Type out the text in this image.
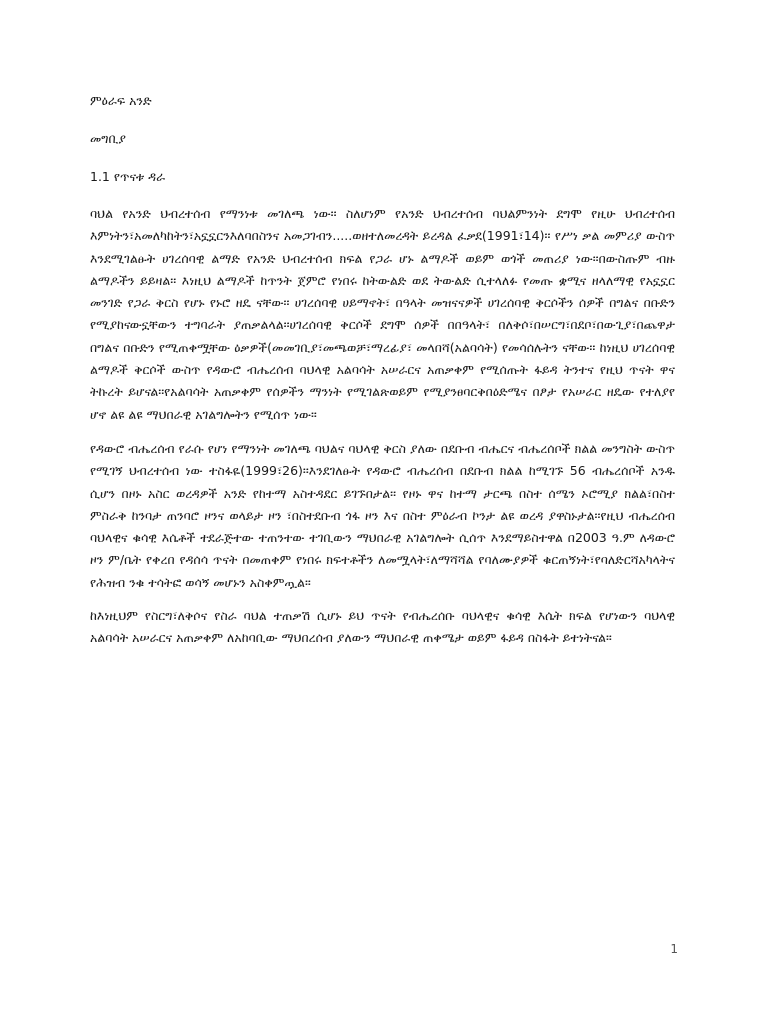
ምዕራፍ አንድ

መግቢያ

1.1 የጥናቱ ዳራ

ባህል የአንድ ህብረተሰብ የማንነቱ መገለጫ ነው፡፡ ስለሆነም የአንድ ህብረተሰብ ባህልምንነት ደግሞ የዚሁ ህብረተሰብ እምነትን፣አመለካከትን፣አኗኗርንእለባበስንና አመጋገብን.....ወዘተለመረዳት ይረዳል ፈቃደ(1991፣14)፡፡ የሥነ ቃል መምሪያ ውስጥ እንደሚገልፁት ሀገረሰባዊ ልማድ የአንድ ህብረተሰብ ክፍል የጋራ ሆኑ ልማዶች ወይም ወጎች መጠሪያ ነው፡፡በውስጡም ብዙ ልማዶችን ይይዛል፡፡ እነዚህ ልማዶች ከጥንት ጀምሮ የነበሩ ከትውልድ ወደ ትውልድ ሲተላለፉ የመጡ ቋሚና ዘላለማዊ የአኗኗር መንገድ የጋራ ቅርስ የሆኑ የኑሮ ዘዴ ናቸው፡፡ ሀገረሰባዊ ሀይማኖት፣ በዓላት መዝናናዎች ሀገረሰባዊ ቅርሶችን ሰዎች በግልና በቡድን የሚያከናውኗቸውን ተግባራት ያጠቃልላል፡፡ሀገረሰባዊ ቅርሶች ደግሞ ሰዎች በበዓላት፣ በለቅሶ፣በሠርግ፣በደቦ፣በውጊያ፣በጨዋታ በግልና በቡድን የሚጠቀሟቸው ዕቃዎች(መመገቢያ፣መጫወቻ፣ማረፊያ፣ መላበሻ(አልባሳት) የመሳሰሉትን ናቸው፡፡ ከነዚህ ሀገረሰባዊ ልማዶች ቅርሶች ውስጥ የዳውሮ ብሔረሰብ ባህላዊ አልባሳት አሠራርና አጠቃቀም የሚሰጡት ፋይዳ ትንተና የዚህ ጥናት ዋና ትኩረት ይሆናል፡፡የአልባሳት አጠቃቀም የሰዎችን ማንነት የሚገልጽወይም የሚያንፀባርቅበዕድሜና በፆታ የአሠራር ዘዴው የተለያየ ሆኖ ልዩ ልዩ ማህበራዊ አገልግሎትን የሚሰጥ ነው፡፡

የዳውሮ ብሔረሰብ የራሱ የሆነ የማንነት መገለጫ ባህልና ባህላዊ ቅርስ ያለው በደቡብ ብሔርና ብሔረሰቦች ክልል መንግስት ውስጥ የሚገኝ ህብረተሰብ ነው ተስፋዬ(1999፣26)፡፡እንደገለፁት የዳውሮ ብሔረሰብ በደቡብ ክልል ከሚገኙ 56 ብሔረሰቦች አንዱ ሲሆን በዞኑ አስር ወረዳዎች አንድ የከተማ አስተዳደር ይገኙበታል፡፡ የዞኑ ዋና ከተማ ታርጫ በስተ ሰሜን ኦሮሚያ ክልል፣በስተ ምስራቅ ከንባታ ጠንባሮ ዞንና ወላይታ ዞን ፣በስተደቡብ ጎፋ ዞን እና በስተ ምዕራብ ኮንታ ልዩ ወረዳ ያዋስኑታል፡፡የዚህ ብሔረሰብ ባህላዊና ቁሳዊ እሴቶች ተደራጅተው ተጠንተው ተገቢውን ማህበራዊ አገልግሎት ሲሰጥ እንደማይስተዋል በ2003 ዓ.ም ለዳውሮ ዞን ም/ቤት የቀረበ የዳሰሳ ጥናት በመጠቀም የነበሩ ክፍተቶችን ለመሟላት፣ለማሻሻል የባለሙያዎች ቁርጠኝነት፣የባለድርሻአካላትና የሕዝብ ንቁ ተሳትፎ ወሳኝ መሆኑን አስቀምጧል፡፡

ከእነዚህም የስርግ፣ለቅሶና የስራ ባህል ተጠቃሽ ሲሆኑ ይህ ጥናት የብሔረሰቡ ባህላዊና ቁሳዊ እሴት ክፍል የሆነውን ባህላዊ አልባሳት አሠራርና አጠቃቀም ለአከባቢው ማህበረሰብ ያለውን ማህበራዊ ጠቀሜታ ወይም ፋይዳ በስፋት ይተነትናል፡፡

1
